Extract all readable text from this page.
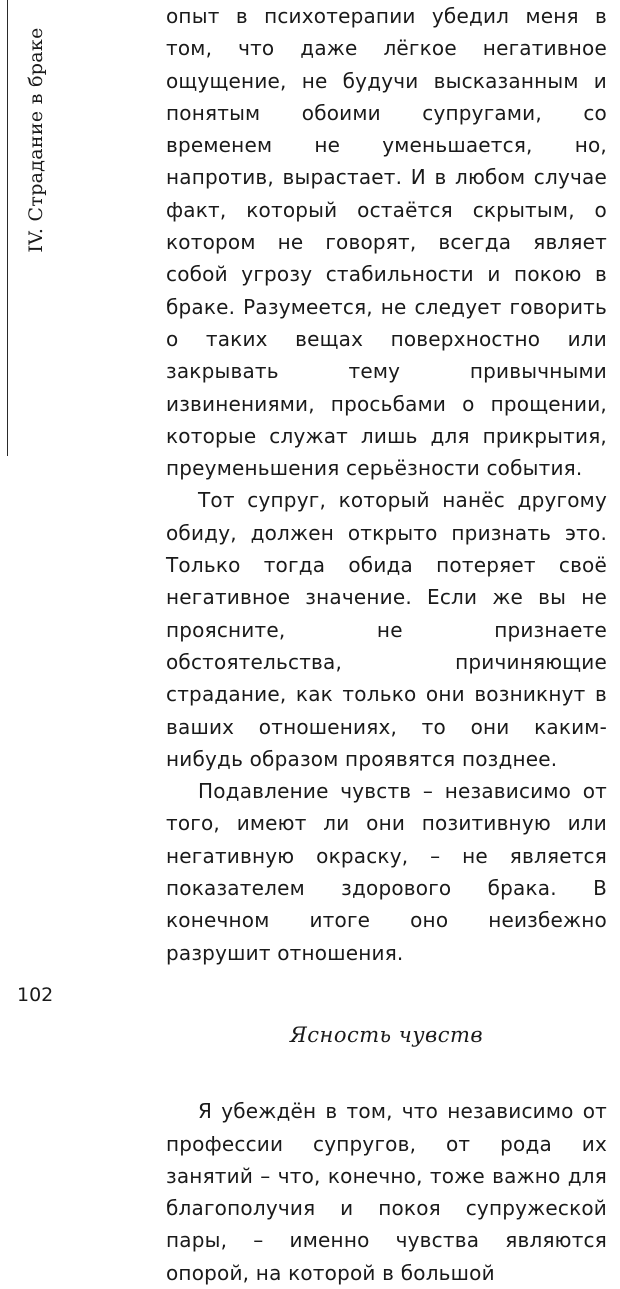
IV. Страдание в браке

опыт в психотерапии убедил меня в том, что даже лёгкое негативное ощущение, не будучи высказанным и понятым обоими супругами, со временем не уменьшается, но, напротив, вырастает. И в любом случае факт, который остаётся скрытым, о котором не говорят, всегда являет собой угрозу стабильности и покою в браке. Разумеется, не следует говорить о таких вещах поверхностно или закрывать тему привычными извинениями, просьбами о прощении, которые служат лишь для прикрытия, преуменьшения серьёзности события.

Тот супруг, который нанёс другому обиду, должен открыто признать это. Только тогда обида потеряет своё негативное значение. Если же вы не проясните, не признаете обстоятельства, причиняющие страдание, как только они возникнут в ваших отношениях, то они каким-нибудь образом проявятся позднее.

Подавление чувств – независимо от того, имеют ли они позитивную или негативную окраску, – не является показателем здорового брака. В конечном итоге оно неизбежно разрушит отношения.

Ясность чувств

Я убеждён в том, что независимо от профессии супругов, от рода их занятий – что, конечно, тоже важно для благополучия и покоя супружеской пары, – именно чувства являются опорой, на которой в большой

102
